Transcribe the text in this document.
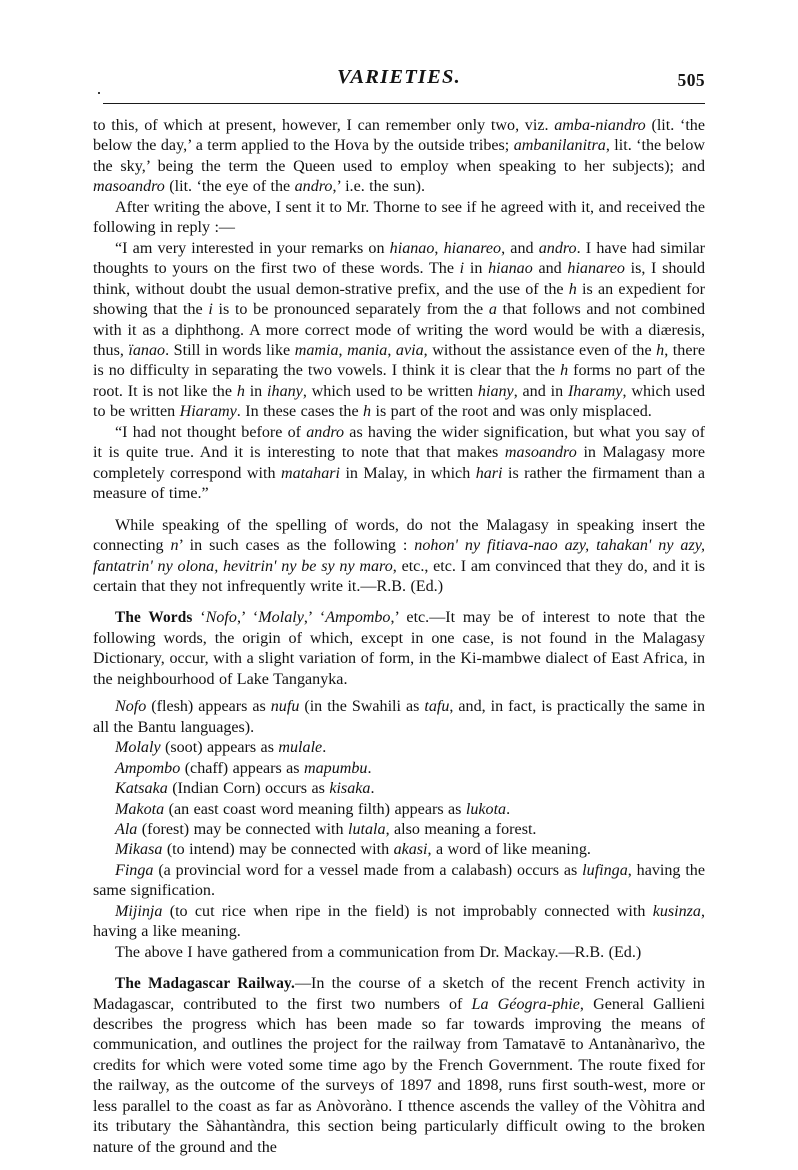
VARIETIES.	505

to this, of which at present, however, I can remember only two, viz. amba-niandro (lit. ‘the below the day,’ a term applied to the Hova by the outside tribes; ambanilanitra, lit. ‘the below the sky,’ being the term the Queen used to employ when speaking to her subjects); and masoandro (lit. ‘the eye of the andro,’ i.e. the sun).

After writing the above, I sent it to Mr. Thorne to see if he agreed with it, and received the following in reply :—

“I am very interested in your remarks on hianao, hianareo, and andro. I have had similar thoughts to yours on the first two of these words. The i in hianao and hianareo is, I should think, without doubt the usual demon-strative prefix, and the use of the h is an expedient for showing that the i is to be pronounced separately from the a that follows and not combined with it as a diphthong. A more correct mode of writing the word would be with a diæresis, thus, ïanao. Still in words like mamia, mania, avia, without the assistance even of the h, there is no difficulty in separating the two vowels. I think it is clear that the h forms no part of the root. It is not like the h in ihany, which used to be written hiany, and in Iharamy, which used to be written Hiaramy. In these cases the h is part of the root and was only misplaced.

“I had not thought before of andro as having the wider signification, but what you say of it is quite true. And it is interesting to note that that makes masoandro in Malagasy more completely correspond with matahari in Malay, in which hari is rather the firmament than a measure of time.”

While speaking of the spelling of words, do not the Malagasy in speaking insert the connecting n’ in such cases as the following : nohon' ny fitiava-nao azy, tahakan' ny azy, fantatrin' ny olona, hevitrin' ny be sy ny maro, etc., etc. I am convinced that they do, and it is certain that they not infrequently write it.—R.B. (Ed.)

The Words ‘Nofo,’ ‘Molaly,’ ‘Ampombo,’ etc.—It may be of interest to note that the following words, the origin of which, except in one case, is not found in the Malagasy Dictionary, occur, with a slight variation of form, in the Ki-mambwe dialect of East Africa, in the neighbourhood of Lake Tanganyka.

Nofo (flesh) appears as nufu (in the Swahili as tafu, and, in fact, is practically the same in all the Bantu languages).

Molaly (soot) appears as mulale.

Ampombo (chaff) appears as mapumbu.

Katsaka (Indian Corn) occurs as kisaka.

Makota (an east coast word meaning filth) appears as lukota.

Ala (forest) may be connected with lutala, also meaning a forest.

Mikasa (to intend) may be connected with akasi, a word of like meaning.

Finga (a provincial word for a vessel made from a calabash) occurs as lufinga, having the same signification.

Mijinja (to cut rice when ripe in the field) is not improbably connected with kusinza, having a like meaning.

The above I have gathered from a communication from Dr. Mackay.—R.B. (Ed.)

The Madagascar Railway.—In the course of a sketch of the recent French activity in Madagascar, contributed to the first two numbers of La Géogra-phie, General Gallieni describes the progress which has been made so far towards improving the means of communication, and outlines the project for the railway from Tamatavē to Antanànarìvo, the credits for which were voted some time ago by the French Government. The route fixed for the railway, as the outcome of the surveys of 1897 and 1898, runs first south-west, more or less parallel to the coast as far as Anòvoràno. I tthence ascends the valley of the Vòhitra and its tributary the Sàhantàndra, this section being particularly difficult owing to the broken nature of the ground and the
